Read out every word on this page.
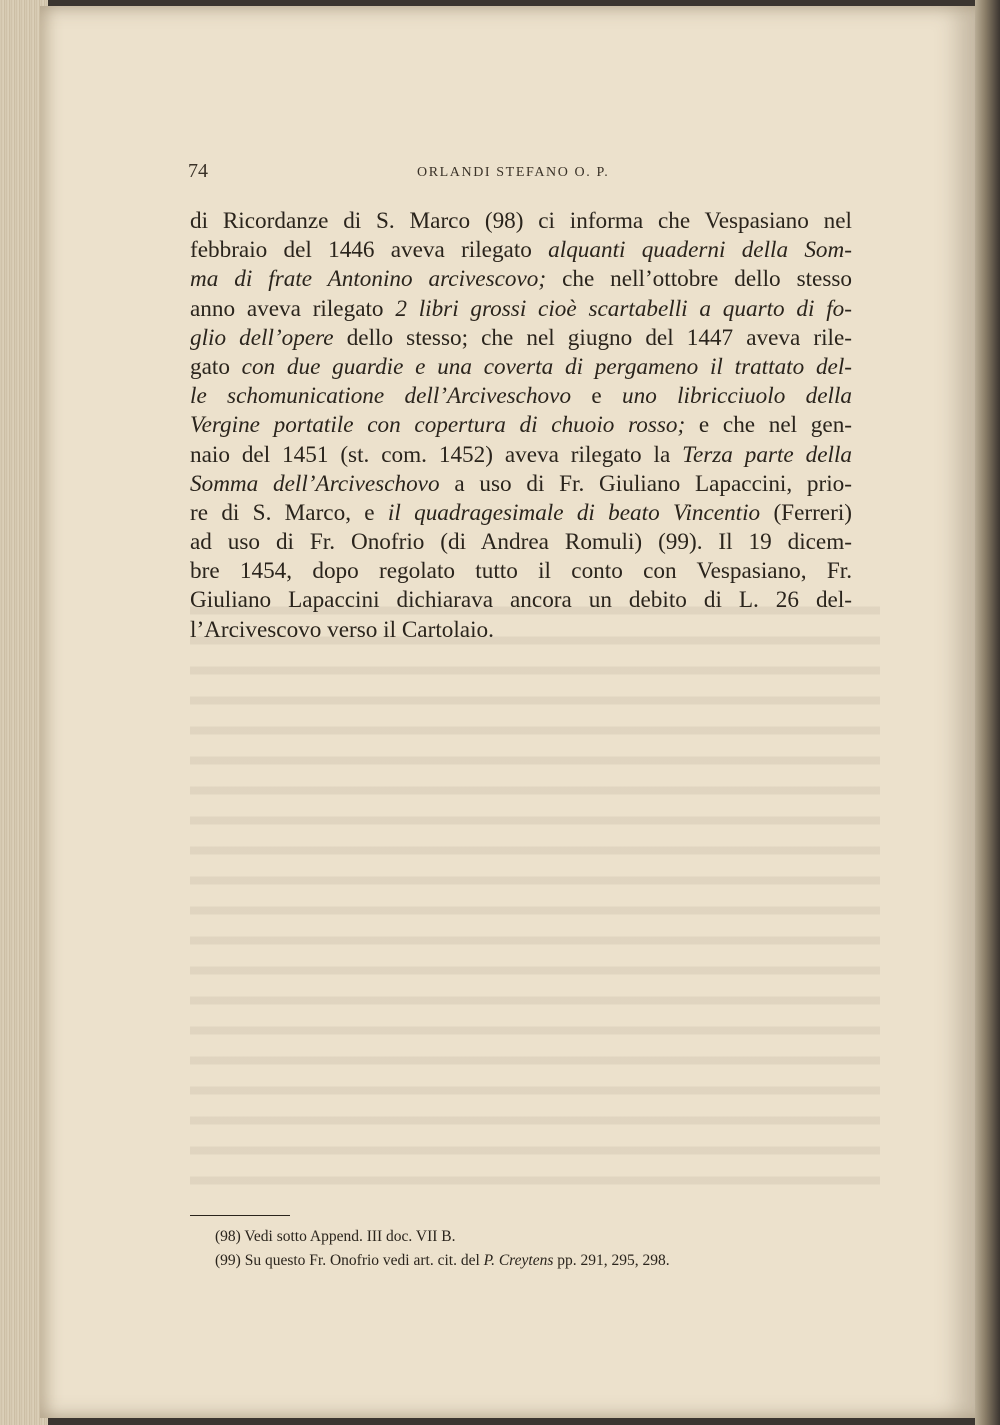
74	ORLANDI STEFANO O. P.
di Ricordanze di S. Marco (98) ci informa che Vespasiano nel
febbraio del 1446 aveva rilegato alquanti quaderni della Som-
ma di frate Antonino arcivescovo; che nell’ottobre dello stesso
anno aveva rilegato 2 libri grossi cioè scartabelli a quarto di fo-
glio dell’opere dello stesso; che nel giugno del 1447 aveva rile-
gato con due guardie e una coverta di pergameno il trattato del-
le schomunicatione dell’Arciveschovo e uno libricciuolo della
Vergine portatile con copertura di chuoio rosso; e che nel gen-
naio del 1451 (st. com. 1452) aveva rilegato la Terza parte della
Somma dell’Arciveschovo a uso di Fr. Giuliano Lapaccini, prio-
re di S. Marco, e il quadragesimale di beato Vincentio (Ferreri)
ad uso di Fr. Onofrio (di Andrea Romuli) (99). Il 19 dicem-
bre 1454, dopo regolato tutto il conto con Vespasiano, Fr.
Giuliano Lapaccini dichiarava ancora un debito di L. 26 del-
l’Arcivescovo verso il Cartolaio.
(98) Vedi sotto Append. III doc. VII B.
(99) Su questo Fr. Onofrio vedi art. cit. del P. Creytens pp. 291, 295, 298.
